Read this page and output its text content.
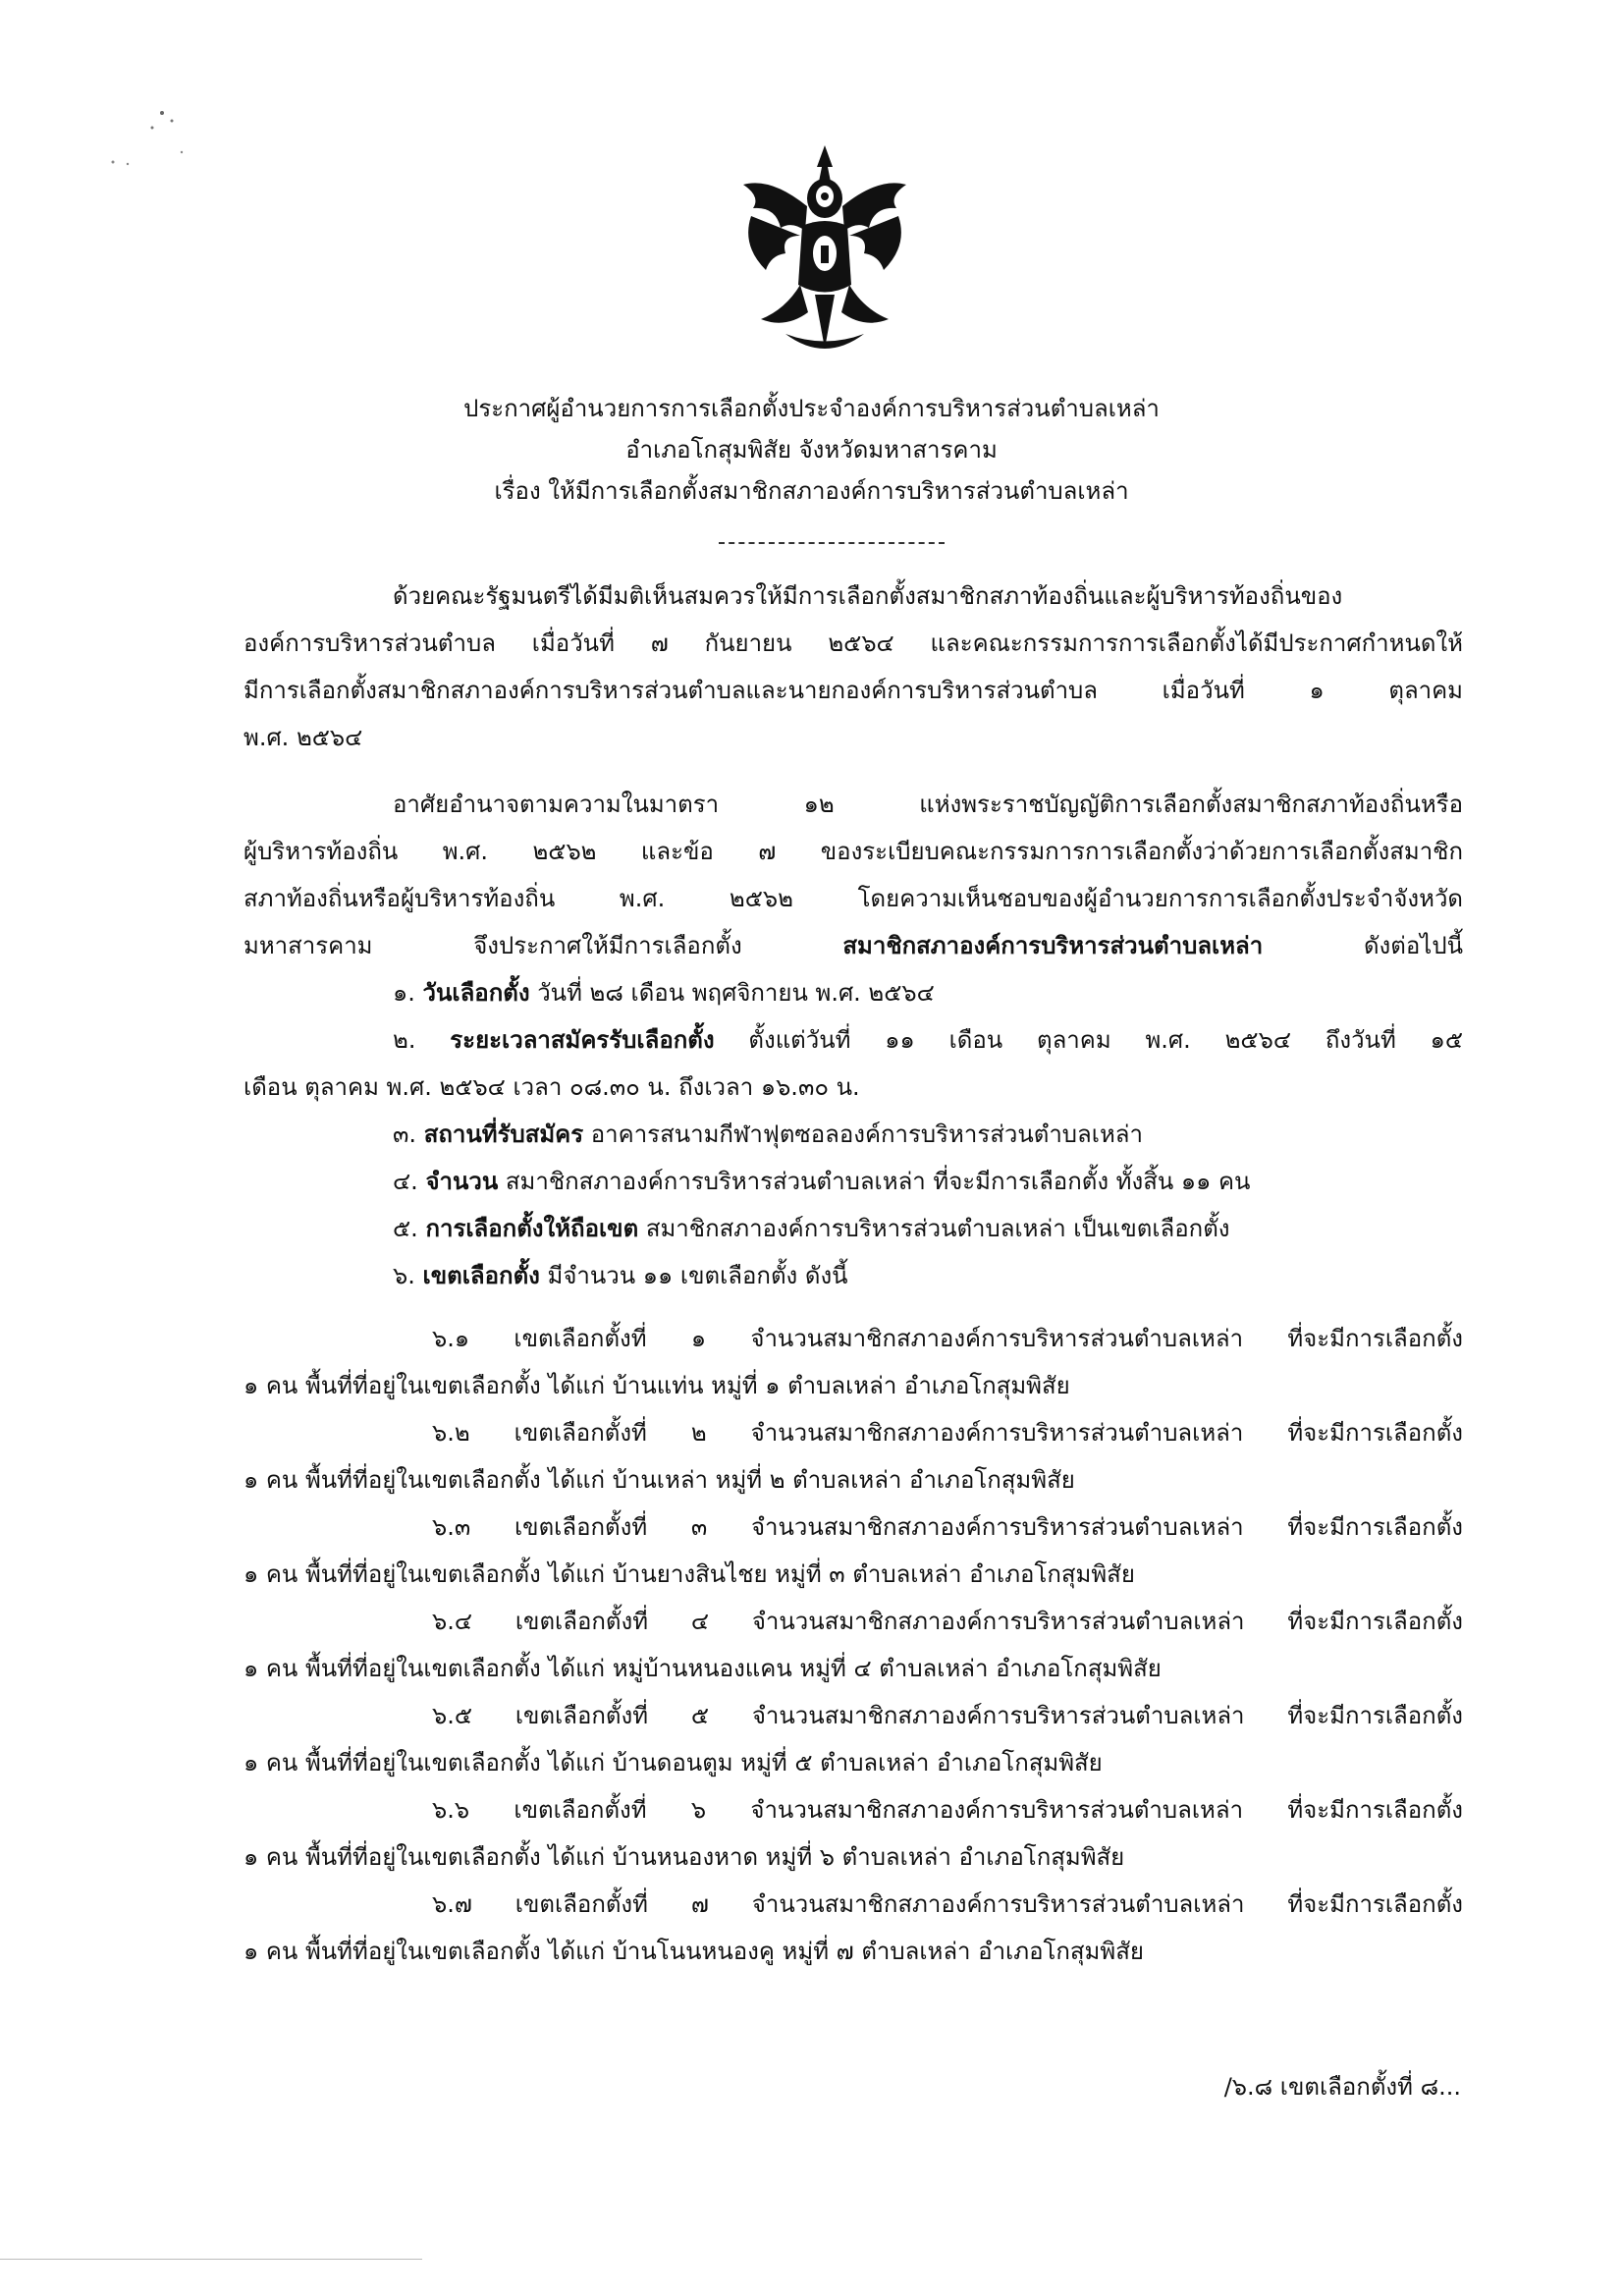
ประกาศผู้อำนวยการการเลือกตั้งประจำองค์การบริหารส่วนตำบลเหล่า
อำเภอโกสุมพิสัย จังหวัดมหาสารคาม
เรื่อง ให้มีการเลือกตั้งสมาชิกสภาองค์การบริหารส่วนตำบลเหล่า
ด้วยคณะรัฐมนตรีได้มีมติเห็นสมควรให้มีการเลือกตั้งสมาชิกสภาท้องถิ่นและผู้บริหารท้องถิ่นของ
องค์การบริหารส่วนตำบล เมื่อวันที่ ๗ กันยายน ๒๕๖๔ และคณะกรรมการการเลือกตั้งได้มีประกาศกำหนดให้
มีการเลือกตั้งสมาชิกสภาองค์การบริหารส่วนตำบลและนายกองค์การบริหารส่วนตำบล เมื่อวันที่ ๑ ตุลาคม
พ.ศ. ๒๕๖๔
อาศัยอำนาจตามความในมาตรา ๑๒ แห่งพระราชบัญญัติการเลือกตั้งสมาชิกสภาท้องถิ่นหรือ
ผู้บริหารท้องถิ่น พ.ศ. ๒๕๖๒ และข้อ ๗ ของระเบียบคณะกรรมการการเลือกตั้งว่าด้วยการเลือกตั้งสมาชิก
สภาท้องถิ่นหรือผู้บริหารท้องถิ่น พ.ศ. ๒๕๖๒ โดยความเห็นชอบของผู้อำนวยการการเลือกตั้งประจำจังหวัด
มหาสารคาม จึงประกาศให้มีการเลือกตั้ง	สมาชิกสภาองค์การบริหารส่วนตำบลเหล่า	ดังต่อไปนี้
๑. วันเลือกตั้ง วันที่ ๒๘ เดือน พฤศจิกายน พ.ศ. ๒๕๖๔
๒. ระยะเวลาสมัครรับเลือกตั้ง ตั้งแต่วันที่ ๑๑ เดือน ตุลาคม พ.ศ. ๒๕๖๔ ถึงวันที่ ๑๕
เดือน ตุลาคม พ.ศ. ๒๕๖๔ เวลา ๐๘.๓๐ น. ถึงเวลา ๑๖.๓๐ น.
๓. สถานที่รับสมัคร อาคารสนามกีฬาฟุตซอลองค์การบริหารส่วนตำบลเหล่า
๔. จำนวน สมาชิกสภาองค์การบริหารส่วนตำบลเหล่า ที่จะมีการเลือกตั้ง ทั้งสิ้น ๑๑ คน
๕. การเลือกตั้งให้ถือเขต สมาชิกสภาองค์การบริหารส่วนตำบลเหล่า เป็นเขตเลือกตั้ง
๖. เขตเลือกตั้ง มีจำนวน ๑๑ เขตเลือกตั้ง ดังนี้
๖.๑ เขตเลือกตั้งที่ ๑ จำนวนสมาชิกสภาองค์การบริหารส่วนตำบลเหล่า ที่จะมีการเลือกตั้ง
๑ คน พื้นที่ที่อยู่ในเขตเลือกตั้ง ได้แก่ บ้านแท่น หมู่ที่ ๑ ตำบลเหล่า อำเภอโกสุมพิสัย
๖.๒ เขตเลือกตั้งที่ ๒ จำนวนสมาชิกสภาองค์การบริหารส่วนตำบลเหล่า ที่จะมีการเลือกตั้ง
๑ คน พื้นที่ที่อยู่ในเขตเลือกตั้ง ได้แก่ บ้านเหล่า หมู่ที่ ๒ ตำบลเหล่า อำเภอโกสุมพิสัย
๖.๓ เขตเลือกตั้งที่ ๓ จำนวนสมาชิกสภาองค์การบริหารส่วนตำบลเหล่า ที่จะมีการเลือกตั้ง
๑ คน พื้นที่ที่อยู่ในเขตเลือกตั้ง ได้แก่ บ้านยางสินไชย หมู่ที่ ๓ ตำบลเหล่า อำเภอโกสุมพิสัย
๖.๔ เขตเลือกตั้งที่ ๔ จำนวนสมาชิกสภาองค์การบริหารส่วนตำบลเหล่า ที่จะมีการเลือกตั้ง
๑ คน พื้นที่ที่อยู่ในเขตเลือกตั้ง ได้แก่ หมู่บ้านหนองแคน หมู่ที่ ๔ ตำบลเหล่า อำเภอโกสุมพิสัย
๖.๕ เขตเลือกตั้งที่ ๕ จำนวนสมาชิกสภาองค์การบริหารส่วนตำบลเหล่า ที่จะมีการเลือกตั้ง
๑ คน พื้นที่ที่อยู่ในเขตเลือกตั้ง ได้แก่ บ้านดอนตูม หมู่ที่ ๕ ตำบลเหล่า อำเภอโกสุมพิสัย
๖.๖ เขตเลือกตั้งที่ ๖ จำนวนสมาชิกสภาองค์การบริหารส่วนตำบลเหล่า ที่จะมีการเลือกตั้ง
๑ คน พื้นที่ที่อยู่ในเขตเลือกตั้ง ได้แก่ บ้านหนองหาด หมู่ที่ ๖ ตำบลเหล่า อำเภอโกสุมพิสัย
๖.๗ เขตเลือกตั้งที่ ๗ จำนวนสมาชิกสภาองค์การบริหารส่วนตำบลเหล่า ที่จะมีการเลือกตั้ง
๑ คน พื้นที่ที่อยู่ในเขตเลือกตั้ง ได้แก่ บ้านโนนหนองคู หมู่ที่ ๗ ตำบลเหล่า อำเภอโกสุมพิสัย
/๖.๘ เขตเลือกตั้งที่ ๘...
